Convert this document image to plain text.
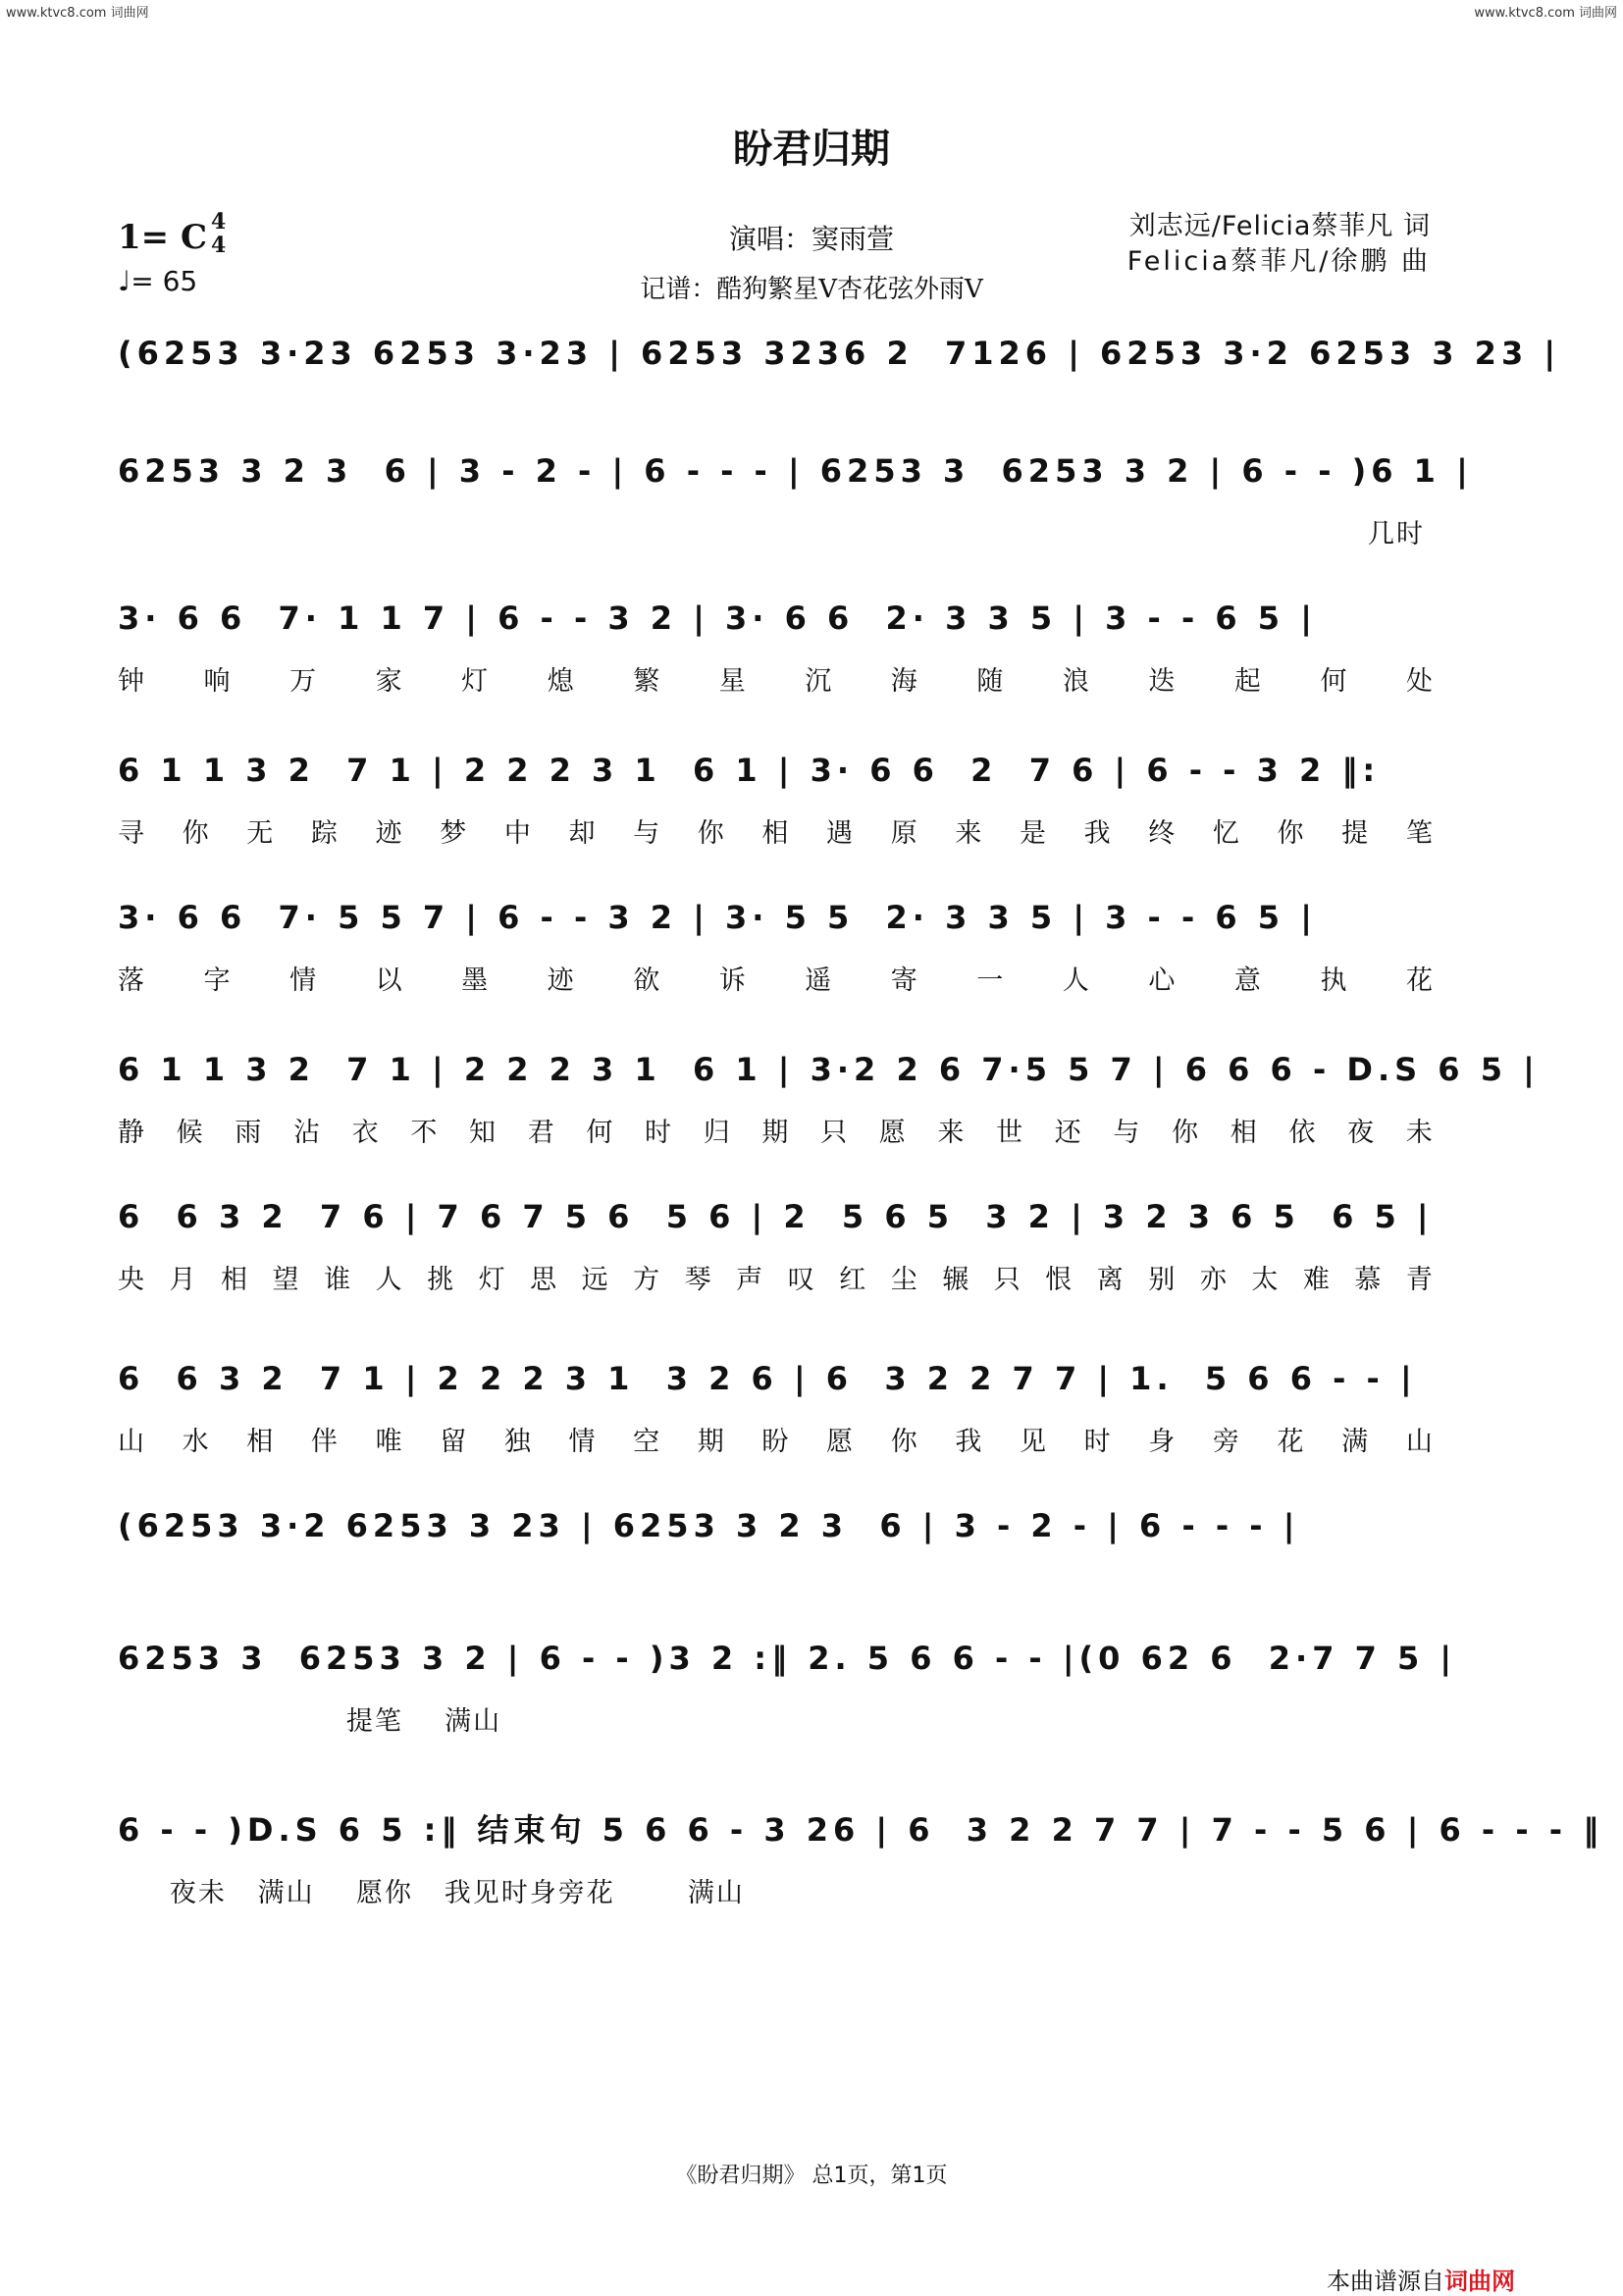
www.ktvc8.com 词曲网	www.ktvc8.com 词曲网
盼君归期
1= C 4
4
♩= 65
演唱：窦雨萱
记谱：酷狗繁星V杏花弦外雨V
刘志远/Felicia蔡菲凡 词
Felicia蔡菲凡/徐鹏 曲
(6253 3·23 6253 3·23 | 6253 3236 2  7126 | 6253 3·2 6253 3 23 |
6253 3 2 3  6 | 3 - 2 - | 6 - - - | 6253 3  6253 3 2 | 6 - - )6 1 |
几时
3· 6 6  7· 1 1 7 | 6 - - 3 2 | 3· 6 6  2· 3 3 5 | 3 - - 6 5 |
钟 响 万 家 灯 熄 繁 星 沉 海 随 浪 迭 起 何 处
6 1 1 3 2  7 1 | 2 2 2 3 1  6 1 | 3· 6 6  2  7 6 | 6 - - 3 2 ‖:
寻 你 无 踪 迹 梦 中 却 与 你 相 遇 原 来 是 我 终 忆 你 提 笔
3· 6 6  7· 5 5 7 | 6 - - 3 2 | 3· 5 5  2· 3 3 5 | 3 - - 6 5 |
落 字 情 以 墨 迹 欲 诉 遥 寄 一 人 心 意 执 花
6 1 1 3 2  7 1 | 2 2 2 3 1  6 1 | 3·2 2 6 7·5 5 7 | 6 6 6 - D.S 6 5 |
静 候 雨 沾 衣 不 知 君 何 时 归 期 只 愿 来 世 还 与 你 相 依 夜 未
6  6 3 2  7 6 | 7 6 7 5 6  5 6 | 2  5 6 5  3 2 | 3 2 3 6 5  6 5 |
央 月 相 望 谁 人 挑 灯 思 远 方 琴 声 叹 红 尘 辗 只 恨 离 别 亦 太 难 慕 青
6  6 3 2  7 1 | 2 2 2 3 1  3 2 6 | 6  3 2 2 7 7 | 1.  5 6 6 - - |
山 水 相 伴 唯 留 独 情 空 期 盼 愿 你 我 见 时 身 旁 花 满 山
(6253 3·2 6253 3 23 | 6253 3 2 3  6 | 3 - 2 - | 6 - - - |
6253 3  6253 3 2 | 6 - - )3 2 :‖ 2. 5 6 6 - - |(0 62 6  2·7 7 5 |
提笔    满山
6 - - )D.S 6 5 :‖ 结束句 5 6 6 - 3 26 | 6  3 2 2 7 7 | 7 - - 5 6 | 6 - - - ‖
夜未   满山    愿你   我见时身旁花       满山
《盼君归期》 总1页，第1页
本曲谱源自词曲网
